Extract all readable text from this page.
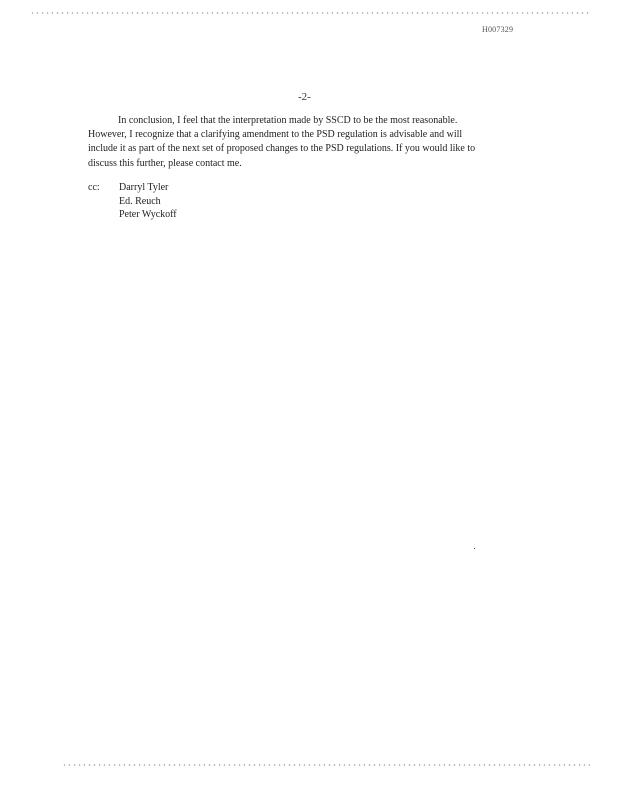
H007329
-2-
In conclusion, I feel that the interpretation made by SSCD to be the most reasonable.
However, I recognize that a clarifying amendment to the PSD regulation is advisable and will
include it as part of the next set of proposed changes to the PSD regulations. If you would like to
discuss this further, please contact me.
cc: Darryl Tyler
Ed. Reuch
Peter Wyckoff
